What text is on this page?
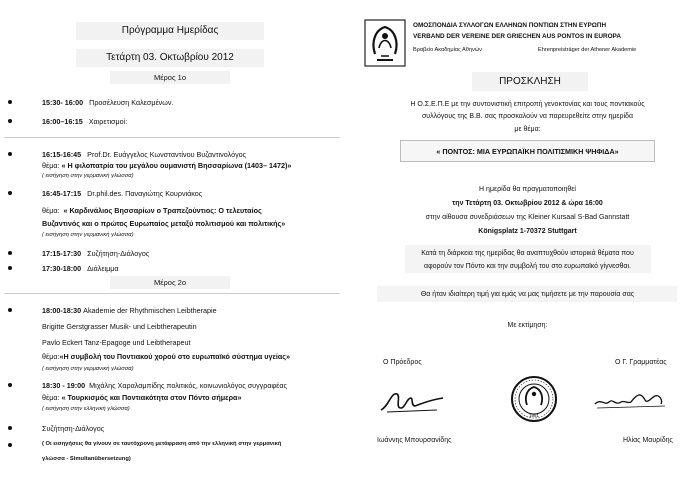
Πρόγραμμα Ημερίδας
Τετάρτη 03. Οκτωβρίου 2012
Μέρος 1ο
15:30- 16:00 Προσέλευση Καλεσμένων.
16:00–16:15 Χαιρετισμοί:
16:15-16:45 Prof.Dr. Ευάγγελος Κωνσταντίνου Βυζαντινολόγος
θέμα: « Η φιλοπατρία του μεγάλου ουμανιστή Βησσαρίωνα (1403– 1472)»
( εισήγηση στην γερμανική γλώσσα)
16:45-17:15 Dr.phil.des. Παναγιώτης Κουρνιάκος
θέμα: « Καρδινάλιος Βησσαρίων ο Τραπεζούντιος: Ο τελευταίος
Βυζαντινός και ο πρώτος Ευρωπαίος μεταξύ πολιτισμού και πολιτικής»
( εισήγηση στην γερμανική γλώσσα)
17:15-17:30 Συζήτηση-Διάλογος
17:30-18:00 Διάλειμμα
Μέρος 2ο
18:00-18:30 Akademie der Rhythmischen Leibtherapie
Brigitte Gerstgrasser Musik- und Leibtherapeutin
Pavlo Eckert Tanz-Epagoge und Leibtherapeut
θέμα:«Η συμβολή του Ποντιακού χορού στο ευρωπαϊκό σύστημα υγείας»
( εισήγηση στην γερμανική γλώσσα)
18:30 - 19:00 Μιχάλης Χαραλαμπίδης πολιτικός, κοινωνιολόγος συγγραφέας
θέμα: « Τουρκισμός και Ποντιακότητα στον Πόντο σήμερα»
( εισήγηση στην ελληνική γλώσσα)
Συζήτηση-Διάλογος
( Οι εισηγήσεις θα γίνουν σε ταυτόχρονη μετάφραση από την ελληνική στην γερμανική
γλώσσα - Simultanübersetzung)
ΟΜΟΣΠΟΝΔΙΑ ΣΥΛΛΟΓΩΝ ΕΛΛΗΝΩΝ ΠΟΝΤΙΩΝ ΣΤΗΝ ΕΥΡΩΠΗ
VERBAND DER VEREINE DER GRIECHEN AUS PONTOS IN EUROPA
Βραβείο Ακαδημίας Αθηνών	Ehrenpreisträger der Athener Akademie
ΠΡΟΣΚΛΗΣΗ
Η Ο.Σ.Ε.Π.Ε με την συντονιστική επιτροπή γενοκτονίας και τους ποντιακούς
συλλόγους της Β.Β. σας προσκαλούν να παρευρεθείτε στην ημερίδα
με θέμα:
« ΠΟΝΤΟΣ: ΜΙΑ ΕΥΡΩΠΑΪΚΗ ΠΟΛΙΤΙΣΜΙΚΗ ΨΗΦΙΔΑ»
Η ημερίδα θα πραγματοποιηθεί
την Τετάρτη 03. Οκτωβρίου 2012 & ώρα 16:00
στην αίθουσα συνεδριάσεων της Kleiner Kursaal S-Bad Gannstatt
Königsplatz 1-70372 Stuttgart
Κατά τη διάρκεια της ημερίδας θα αναπτυχθούν ιστορικά θέματα που
αφορούν τον Πόντο και την συμβολή του στο ευρωπαϊκό γίγνεσθαι.
Θα ήταν ιδιαίτερη τιμή για εμάς να μας τιμήσετε με την παρουσία σας
Με εκτίμηση:
Ο Πρόεδρος	Ο Γ. Γραμματέας
1981
Ιωάννης Μπουρσανίδης	Ηλίας Μαυρίδης
